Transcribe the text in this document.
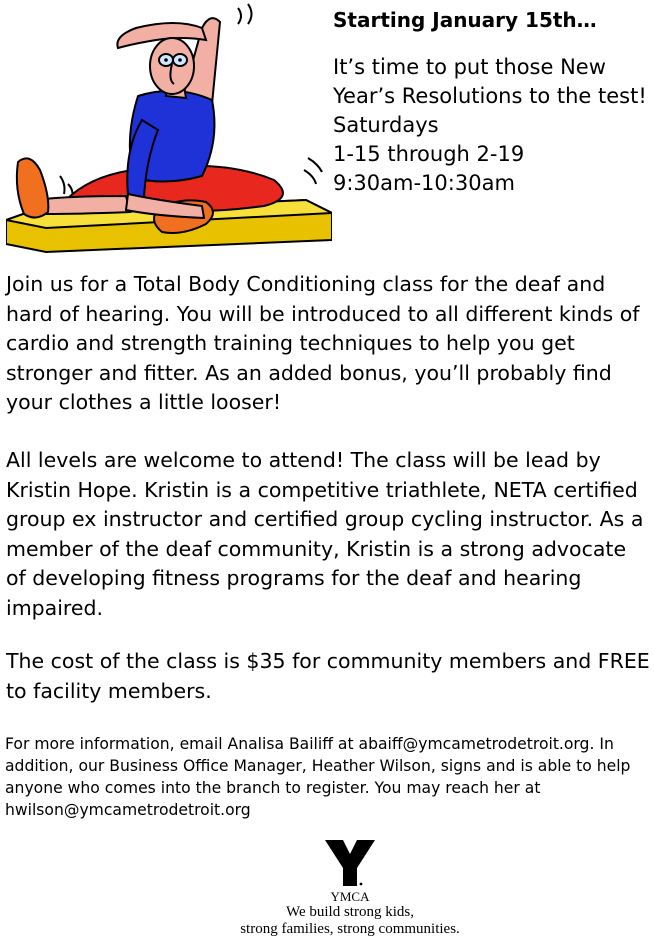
Starting January 15th…

It’s time to put those New Year’s Resolutions to the test!

Saturdays

1-15 through 2-19

9:30am-10:30am

Join us for a Total Body Conditioning class for the deaf and hard of hearing. You will be introduced to all different kinds of cardio and strength training techniques to help you get stronger and fitter. As an added bonus, you’ll probably find your clothes a little looser!

All levels are welcome to attend! The class will be lead by Kristin Hope. Kristin is a competitive triathlete, NETA certified group ex instructor and certified group cycling instructor. As a member of the deaf community, Kristin is a strong advocate of developing fitness programs for the deaf and hearing impaired.

The cost of the class is $35 for community members and FREE to facility members.

For more information, email Analisa Bailiff at abaiff@ymcametrodetroit.org. In addition, our Business Office Manager, Heather Wilson, signs and is able to help anyone who comes into the branch to register. You may reach her at hwilson@ymcametrodetroit.org

YMCA
We build strong kids,
strong families, strong communities.
